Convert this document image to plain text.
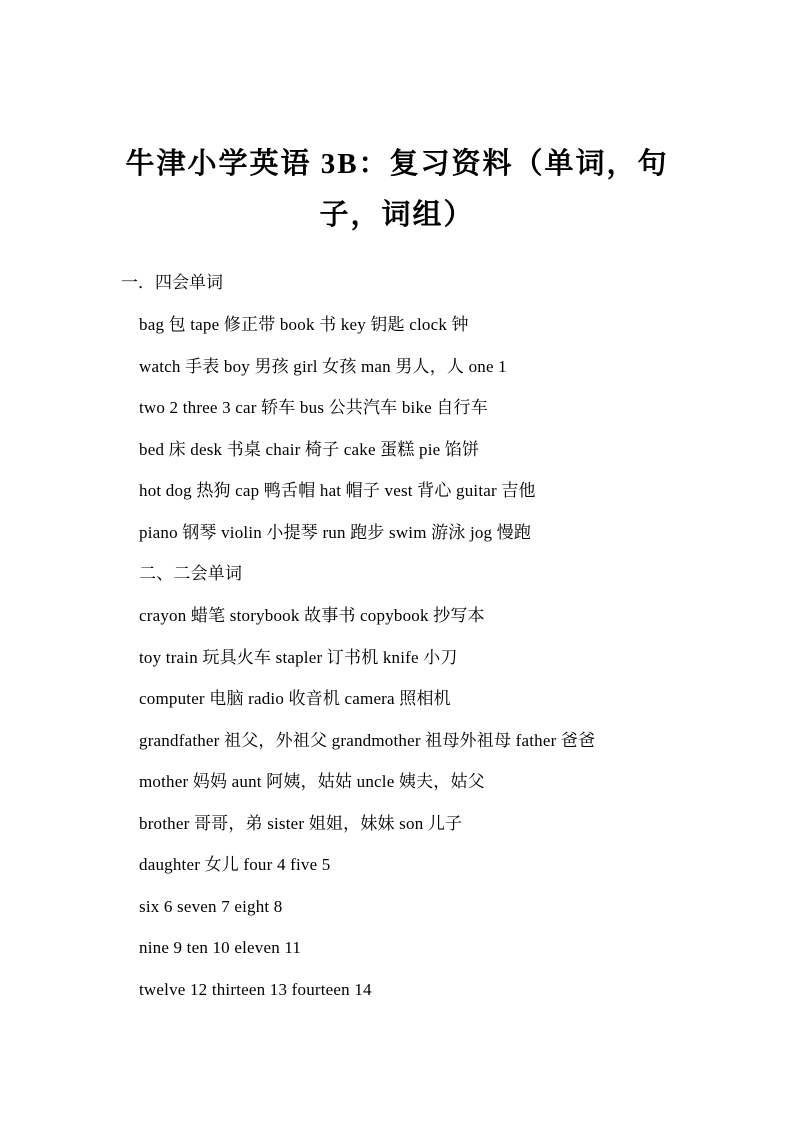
牛津小学英语 3B：复习资料（单词，句
子，词组）
一．四会单词
bag 包 tape 修正带 book 书 key 钥匙 clock 钟
watch 手表 boy 男孩 girl 女孩 man 男人，人 one 1
two 2 three 3 car 轿车 bus 公共汽车 bike 自行车
bed 床 desk 书桌 chair 椅子 cake 蛋糕 pie 馅饼
hot dog 热狗 cap 鸭舌帽 hat 帽子 vest 背心 guitar 吉他
piano 钢琴 violin 小提琴 run 跑步 swim 游泳 jog 慢跑
二、二会单词
crayon 蜡笔 storybook 故事书 copybook 抄写本
toy train 玩具火车 stapler 订书机 knife 小刀
computer 电脑 radio 收音机 camera 照相机
grandfather 祖父，外祖父 grandmother 祖母外祖母 father 爸爸
mother 妈妈 aunt 阿姨，姑姑 uncle 姨夫，姑父
brother 哥哥，弟 sister 姐姐，妹妹 son 儿子
daughter 女儿 four 4 five 5
six 6 seven 7 eight 8
nine 9 ten 10 eleven 11
twelve 12 thirteen 13 fourteen 14
